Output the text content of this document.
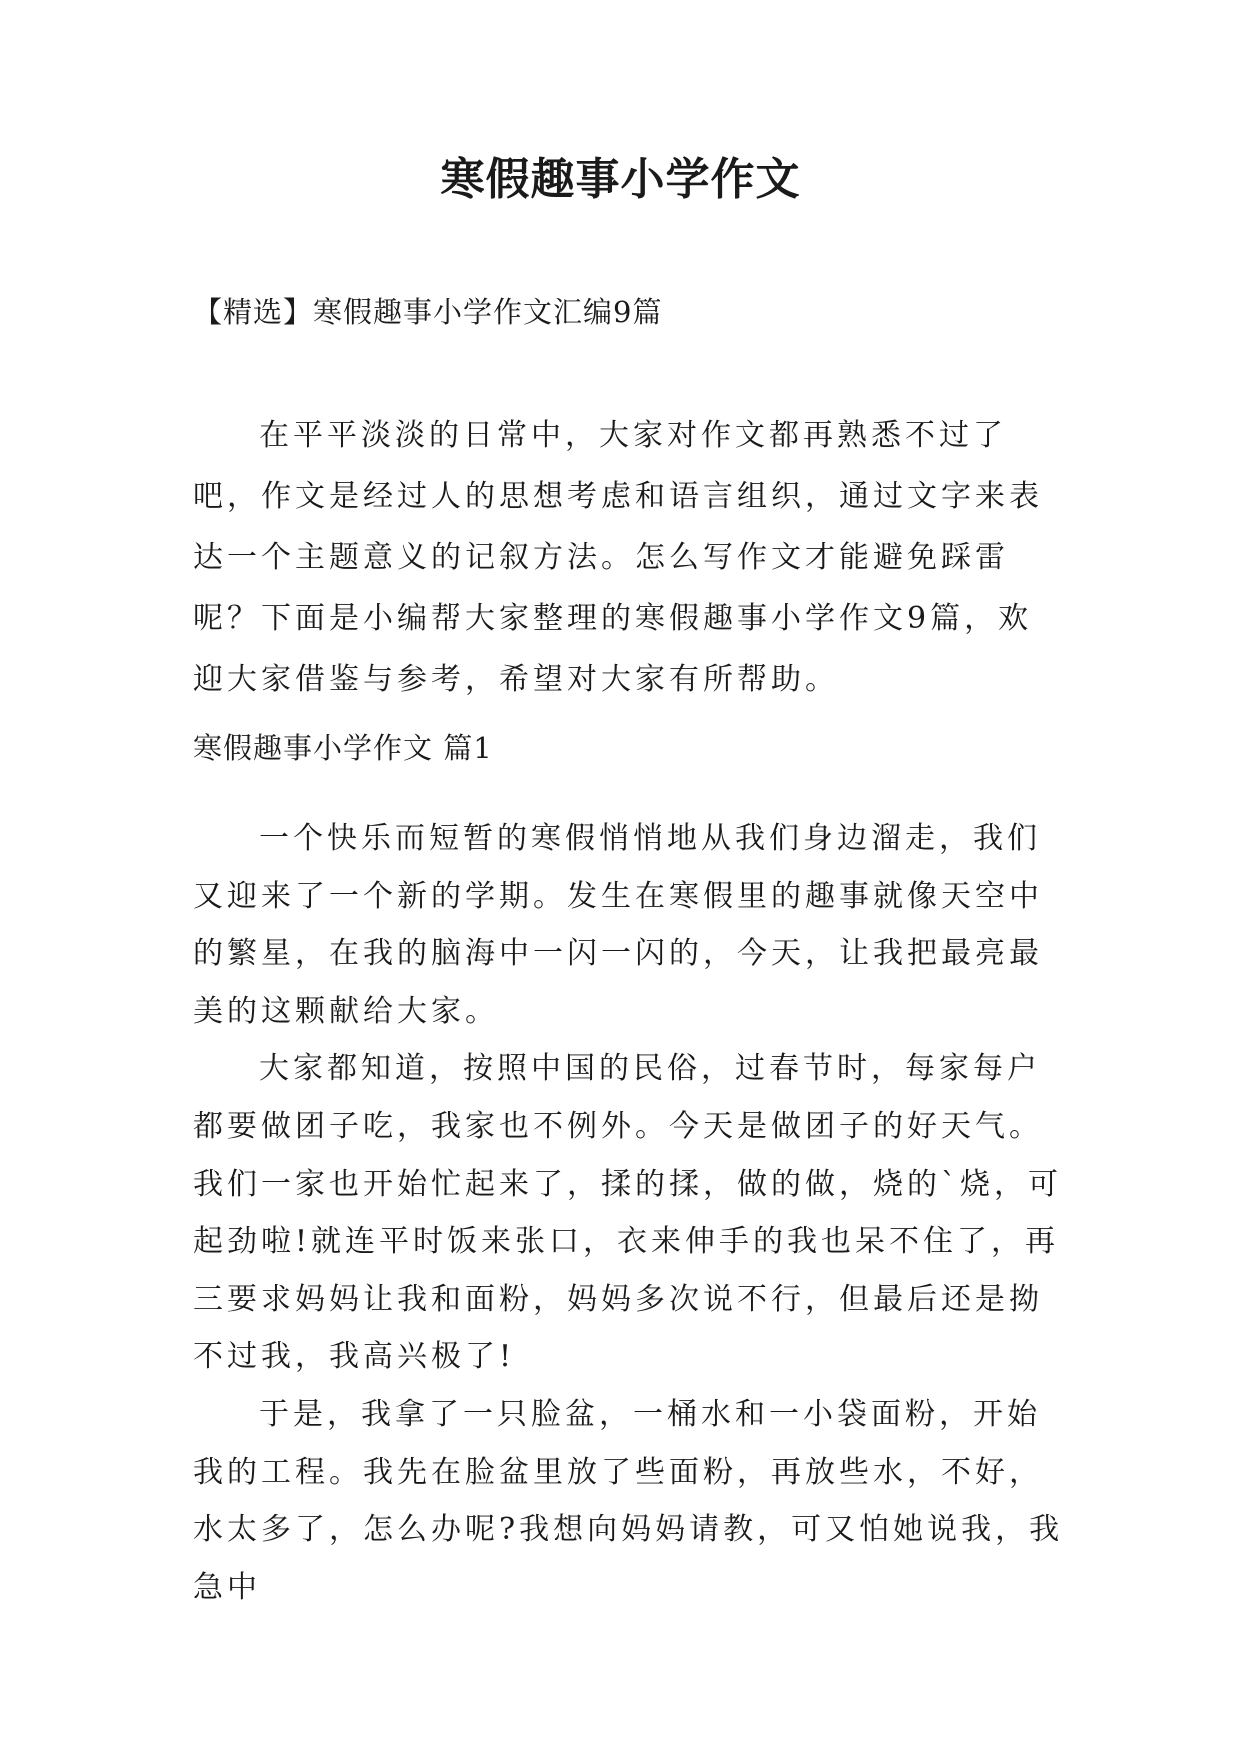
寒假趣事小学作文

【精选】寒假趣事小学作文汇编9篇

在平平淡淡的日常中，大家对作文都再熟悉不过了吧，作文是经过人的思想考虑和语言组织，通过文字来表达一个主题意义的记叙方法。怎么写作文才能避免踩雷呢？下面是小编帮大家整理的寒假趣事小学作文9篇，欢迎大家借鉴与参考，希望对大家有所帮助。

寒假趣事小学作文 篇1

一个快乐而短暂的寒假悄悄地从我们身边溜走，我们又迎来了一个新的学期。发生在寒假里的趣事就像天空中的繁星，在我的脑海中一闪一闪的，今天，让我把最亮最美的这颗献给大家。

大家都知道，按照中国的民俗，过春节时，每家每户都要做团子吃，我家也不例外。今天是做团子的好天气。我们一家也开始忙起来了，揉的揉，做的做，烧的`烧，可起劲啦!就连平时饭来张口，衣来伸手的我也呆不住了，再三要求妈妈让我和面粉，妈妈多次说不行，但最后还是拗不过我，我高兴极了!

于是，我拿了一只脸盆，一桶水和一小袋面粉，开始我的工程。我先在脸盆里放了些面粉，再放些水，不好，水太多了，怎么办呢?我想向妈妈请教，可又怕她说我，我急中
